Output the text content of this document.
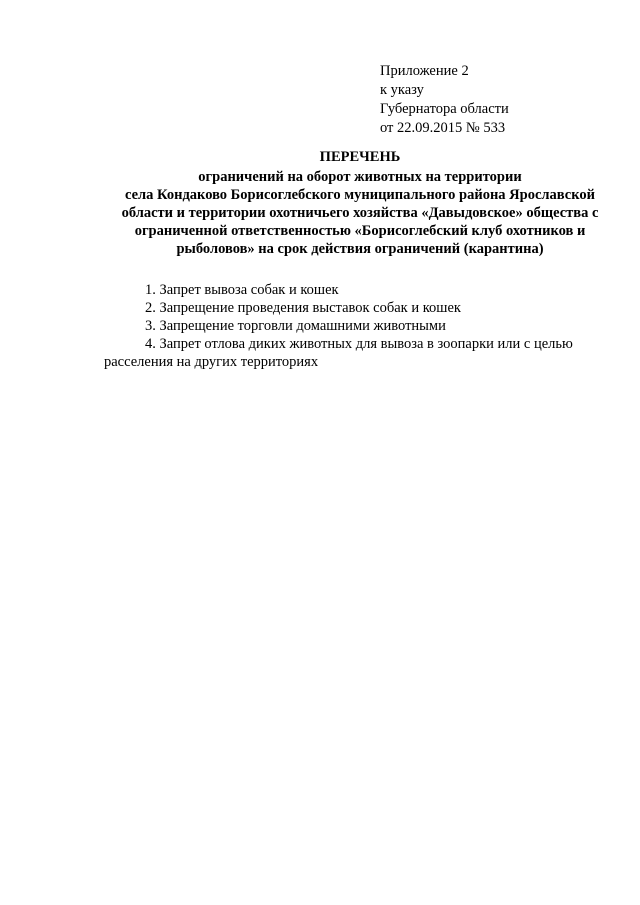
Приложение 2
к указу
Губернатора области
от 22.09.2015 № 533
ПЕРЕЧЕНЬ
ограничений на оборот животных на территории
села Кондаково Борисоглебского муниципального района Ярославской
области и территории охотничьего хозяйства «Давыдовское» общества с
ограниченной ответственностью «Борисоглебский клуб охотников и
рыболовов» на срок действия ограничений (карантина)
1. Запрет вывоза собак и кошек
2. Запрещение проведения выставок собак и кошек
3. Запрещение торговли домашними животными
4. Запрет отлова диких животных для вывоза в зоопарки или с целью
расселения на других территориях
